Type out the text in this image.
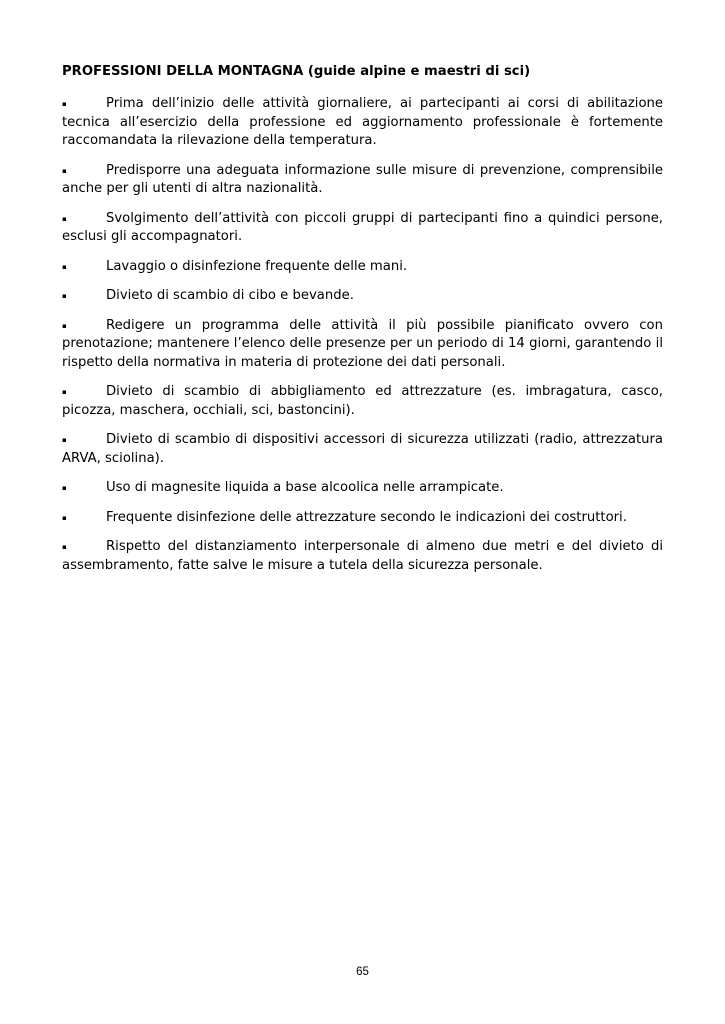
PROFESSIONI DELLA MONTAGNA (guide alpine e maestri di sci)
▪	Prima dell’inizio delle attività giornaliere, ai partecipanti ai corsi di abilitazione tecnica all’esercizio della professione ed aggiornamento professionale è fortemente raccomandata la rilevazione della temperatura.
▪	Predisporre una adeguata informazione sulle misure di prevenzione, comprensibile anche per gli utenti di altra nazionalità.
▪	Svolgimento dell’attività con piccoli gruppi di partecipanti fino a quindici persone, esclusi gli accompagnatori.
▪	Lavaggio o disinfezione frequente delle mani.
▪	Divieto di scambio di cibo e bevande.
▪	Redigere un programma delle attività il più possibile pianificato ovvero con prenotazione; mantenere l’elenco delle presenze per un periodo di 14 giorni, garantendo il rispetto della normativa in materia di protezione dei dati personali.
▪	Divieto di scambio di abbigliamento ed attrezzature (es. imbragatura, casco, picozza, maschera, occhiali, sci, bastoncini).
▪	Divieto di scambio di dispositivi accessori di sicurezza utilizzati (radio, attrezzatura ARVA, sciolina).
▪	Uso di magnesite liquida a base alcoolica nelle arrampicate.
▪	Frequente disinfezione delle attrezzature secondo le indicazioni dei costruttori.
▪	Rispetto del distanziamento interpersonale di almeno due metri e del divieto di assembramento, fatte salve le misure a tutela della sicurezza personale.
65
